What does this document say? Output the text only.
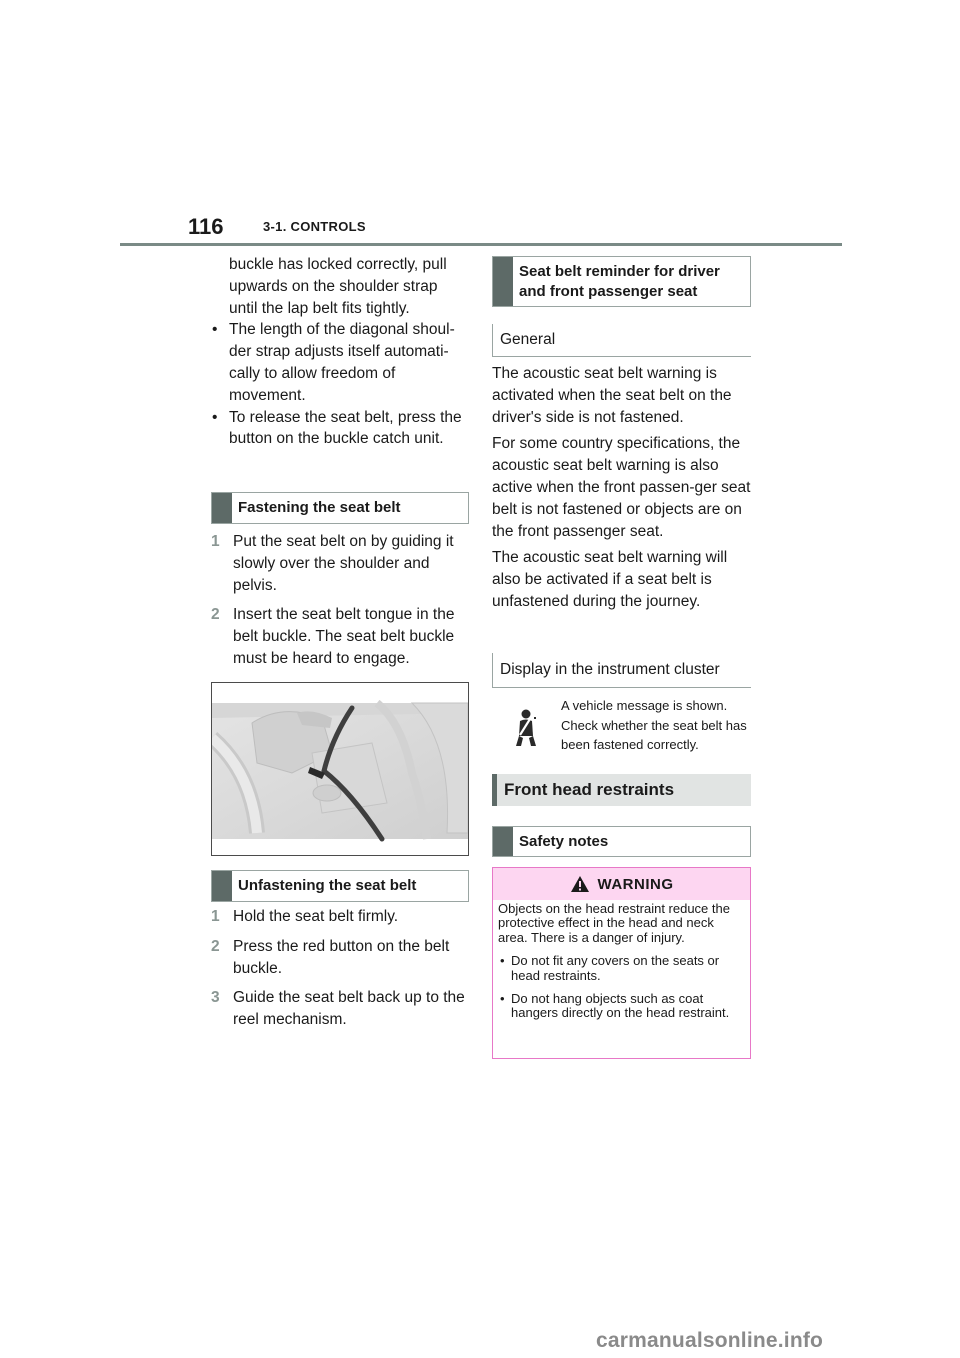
116	3-1. CONTROLS

buckle has locked correctly, pull upwards on the shoulder strap until the lap belt fits tightly.

• The length of the diagonal shoul-der strap adjusts itself automati-cally to allow freedom of movement.
• To release the seat belt, press the button on the buckle catch unit.
Fastening the seat belt
1 Put the seat belt on by guiding it slowly over the shoulder and pelvis.
2 Insert the seat belt tongue in the belt buckle. The seat belt buckle must be heard to engage.
Unfastening the seat belt
1 Hold the seat belt firmly.
2 Press the red button on the belt buckle.
3 Guide the seat belt back up to the reel mechanism.
Seat belt reminder for driver and front passenger seat
General

The acoustic seat belt warning is activated when the seat belt on the driver's side is not fastened.

For some country specifications, the acoustic seat belt warning is also active when the front passen-ger seat belt is not fastened or objects are on the front passenger seat.

The acoustic seat belt warning will also be activated if a seat belt is unfastened during the journey.

Display in the instrument cluster
A vehicle message is shown. Check whether the seat belt has been fastened correctly.
Front head restraints
Safety notes
WARNING
Objects on the head restraint reduce the protective effect in the head and neck area. There is a danger of injury.
• Do not fit any covers on the seats or head restraints.
• Do not hang objects such as coat hangers directly on the head restraint.
carmanualsonline.info
